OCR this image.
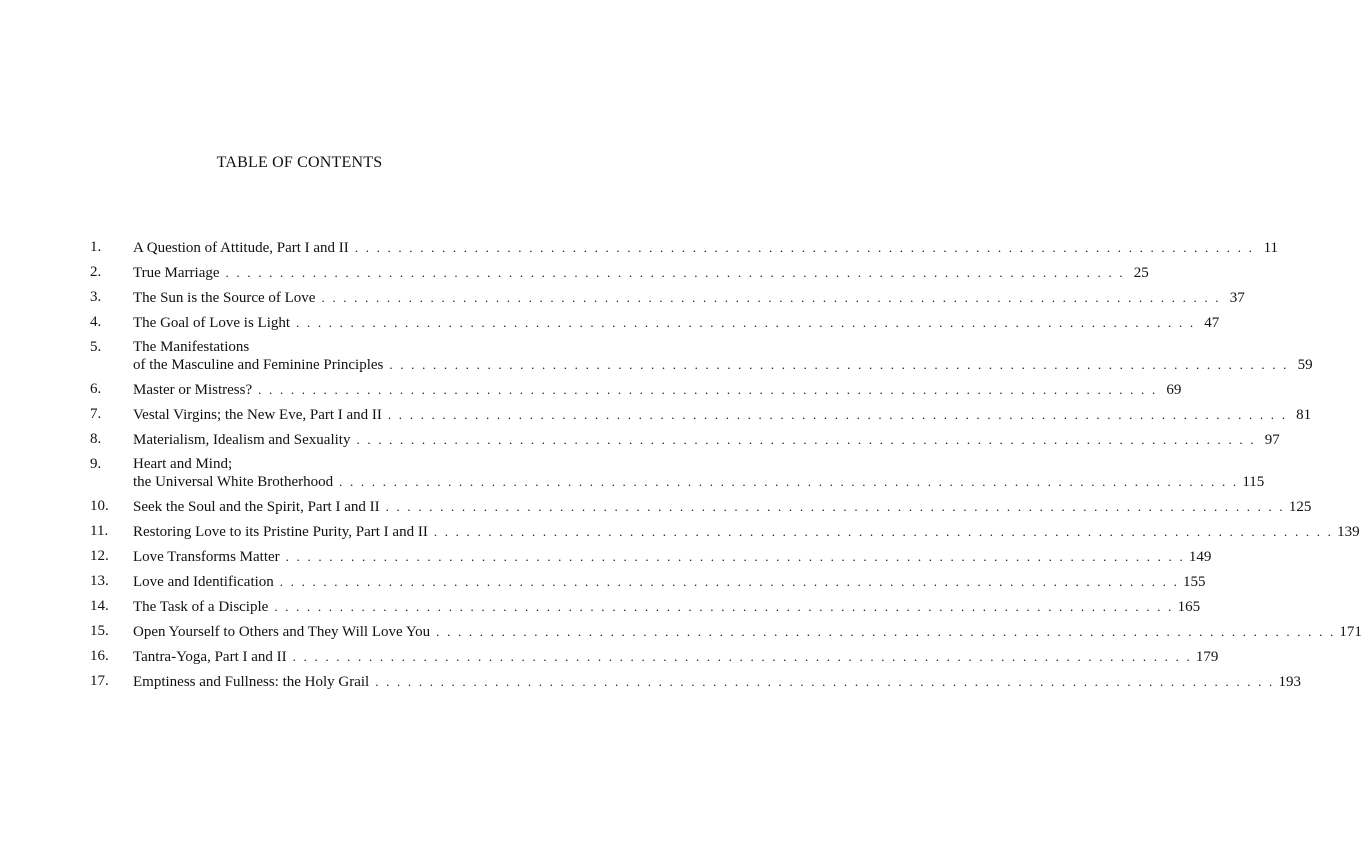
TABLE OF CONTENTS
1.	A Question of Attitude, Part I and II . . .	11
2.	True Marriage . . .	25
3.	The Sun is the Source of Love . . .	37
4.	The Goal of Love is Light . . .	47
5.	The Manifestations
of the Masculine and Feminine Principles . . .	59
6.	Master or Mistress? . . .	69
7.	Vestal Virgins; the New Eve, Part I and II . . .	81
8.	Materialism, Idealism and Sexuality . . .	97
9.	Heart and Mind;
the Universal White Brotherhood . . .	115
10.	Seek the Soul and the Spirit, Part I and II . . .	125
11.	Restoring Love to its Pristine Purity, Part I and II . . .	139
12.	Love Transforms Matter . . .	149
13.	Love and Identification . . .	155
14.	The Task of a Disciple . . .	165
15.	Open Yourself to Others and They Will Love You . . .	171
16.	Tantra-Yoga, Part I and II . . .	179
17.	Emptiness and Fullness: the Holy Grail . . .	193
